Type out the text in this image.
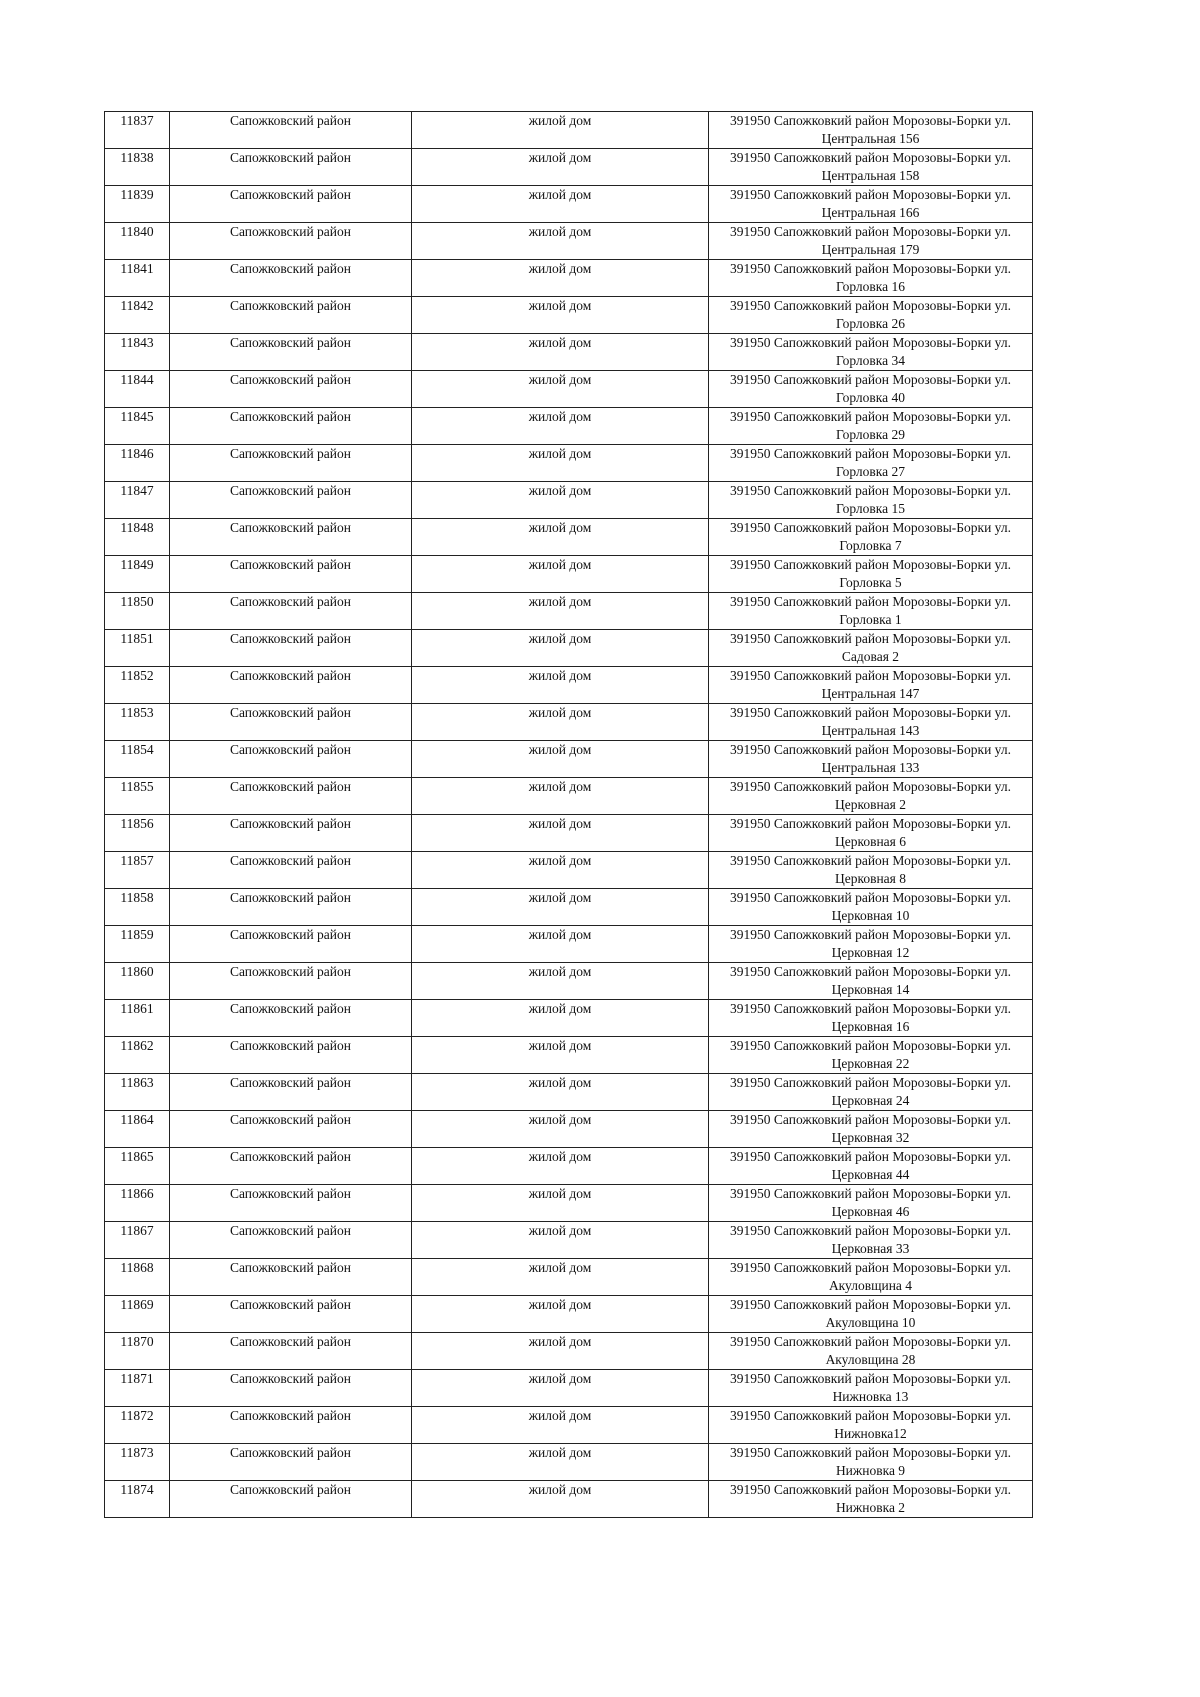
11837	Сапожковский район	жилой дом	391950 Сапожковкий район Морозовы-Борки ул.
Центральная 156

11838	Сапожковский район	жилой дом	391950 Сапожковкий район Морозовы-Борки ул.
Центральная 158

11839	Сапожковский район	жилой дом	391950 Сапожковкий район Морозовы-Борки ул.
Центральная 166

11840	Сапожковский район	жилой дом	391950 Сапожковкий район Морозовы-Борки ул.
Центральная 179

11841	Сапожковский район	жилой дом	391950 Сапожковкий район Морозовы-Борки ул.
Горловка 16

11842	Сапожковский район	жилой дом	391950 Сапожковкий район Морозовы-Борки ул.
Горловка 26

11843	Сапожковский район	жилой дом	391950 Сапожковкий район Морозовы-Борки ул.
Горловка 34

11844	Сапожковский район	жилой дом	391950 Сапожковкий район Морозовы-Борки ул.
Горловка 40

11845	Сапожковский район	жилой дом	391950 Сапожковкий район Морозовы-Борки ул.
Горловка 29

11846	Сапожковский район	жилой дом	391950 Сапожковкий район Морозовы-Борки ул.
Горловка 27

11847	Сапожковский район	жилой дом	391950 Сапожковкий район Морозовы-Борки ул.
Горловка 15

11848	Сапожковский район	жилой дом	391950 Сапожковкий район Морозовы-Борки ул.
Горловка 7

11849	Сапожковский район	жилой дом	391950 Сапожковкий район Морозовы-Борки ул.
Горловка 5

11850	Сапожковский район	жилой дом	391950 Сапожковкий район Морозовы-Борки ул.
Горловка 1

11851	Сапожковский район	жилой дом	391950 Сапожковкий район Морозовы-Борки ул.
Садовая 2

11852	Сапожковский район	жилой дом	391950 Сапожковкий район Морозовы-Борки ул.
Центральная 147

11853	Сапожковский район	жилой дом	391950 Сапожковкий район Морозовы-Борки ул.
Центральная 143

11854	Сапожковский район	жилой дом	391950 Сапожковкий район Морозовы-Борки ул.
Центральная 133

11855	Сапожковский район	жилой дом	391950 Сапожковкий район Морозовы-Борки ул.
Церковная 2

11856	Сапожковский район	жилой дом	391950 Сапожковкий район Морозовы-Борки ул.
Церковная 6

11857	Сапожковский район	жилой дом	391950 Сапожковкий район Морозовы-Борки ул.
Церковная 8

11858	Сапожковский район	жилой дом	391950 Сапожковкий район Морозовы-Борки ул.
Церковная 10

11859	Сапожковский район	жилой дом	391950 Сапожковкий район Морозовы-Борки ул.
Церковная 12

11860	Сапожковский район	жилой дом	391950 Сапожковкий район Морозовы-Борки ул.
Церковная 14

11861	Сапожковский район	жилой дом	391950 Сапожковкий район Морозовы-Борки ул.
Церковная 16

11862	Сапожковский район	жилой дом	391950 Сапожковкий район Морозовы-Борки ул.
Церковная 22

11863	Сапожковский район	жилой дом	391950 Сапожковкий район Морозовы-Борки ул.
Церковная 24

11864	Сапожковский район	жилой дом	391950 Сапожковкий район Морозовы-Борки ул.
Церковная 32

11865	Сапожковский район	жилой дом	391950 Сапожковкий район Морозовы-Борки ул.
Церковная 44

11866	Сапожковский район	жилой дом	391950 Сапожковкий район Морозовы-Борки ул.
Церковная 46

11867	Сапожковский район	жилой дом	391950 Сапожковкий район Морозовы-Борки ул.
Церковная 33

11868	Сапожковский район	жилой дом	391950 Сапожковкий район Морозовы-Борки ул.
Акуловщина 4

11869	Сапожковский район	жилой дом	391950 Сапожковкий район Морозовы-Борки ул.
Акуловщина 10

11870	Сапожковский район	жилой дом	391950 Сапожковкий район Морозовы-Борки ул.
Акуловщина 28

11871	Сапожковский район	жилой дом	391950 Сапожковкий район Морозовы-Борки ул.
Нижновка 13

11872	Сапожковский район	жилой дом	391950 Сапожковкий район Морозовы-Борки ул.
Нижновка12

11873	Сапожковский район	жилой дом	391950 Сапожковкий район Морозовы-Борки ул.
Нижновка 9

11874	Сапожковский район	жилой дом	391950 Сапожковкий район Морозовы-Борки ул.
Нижновка 2
